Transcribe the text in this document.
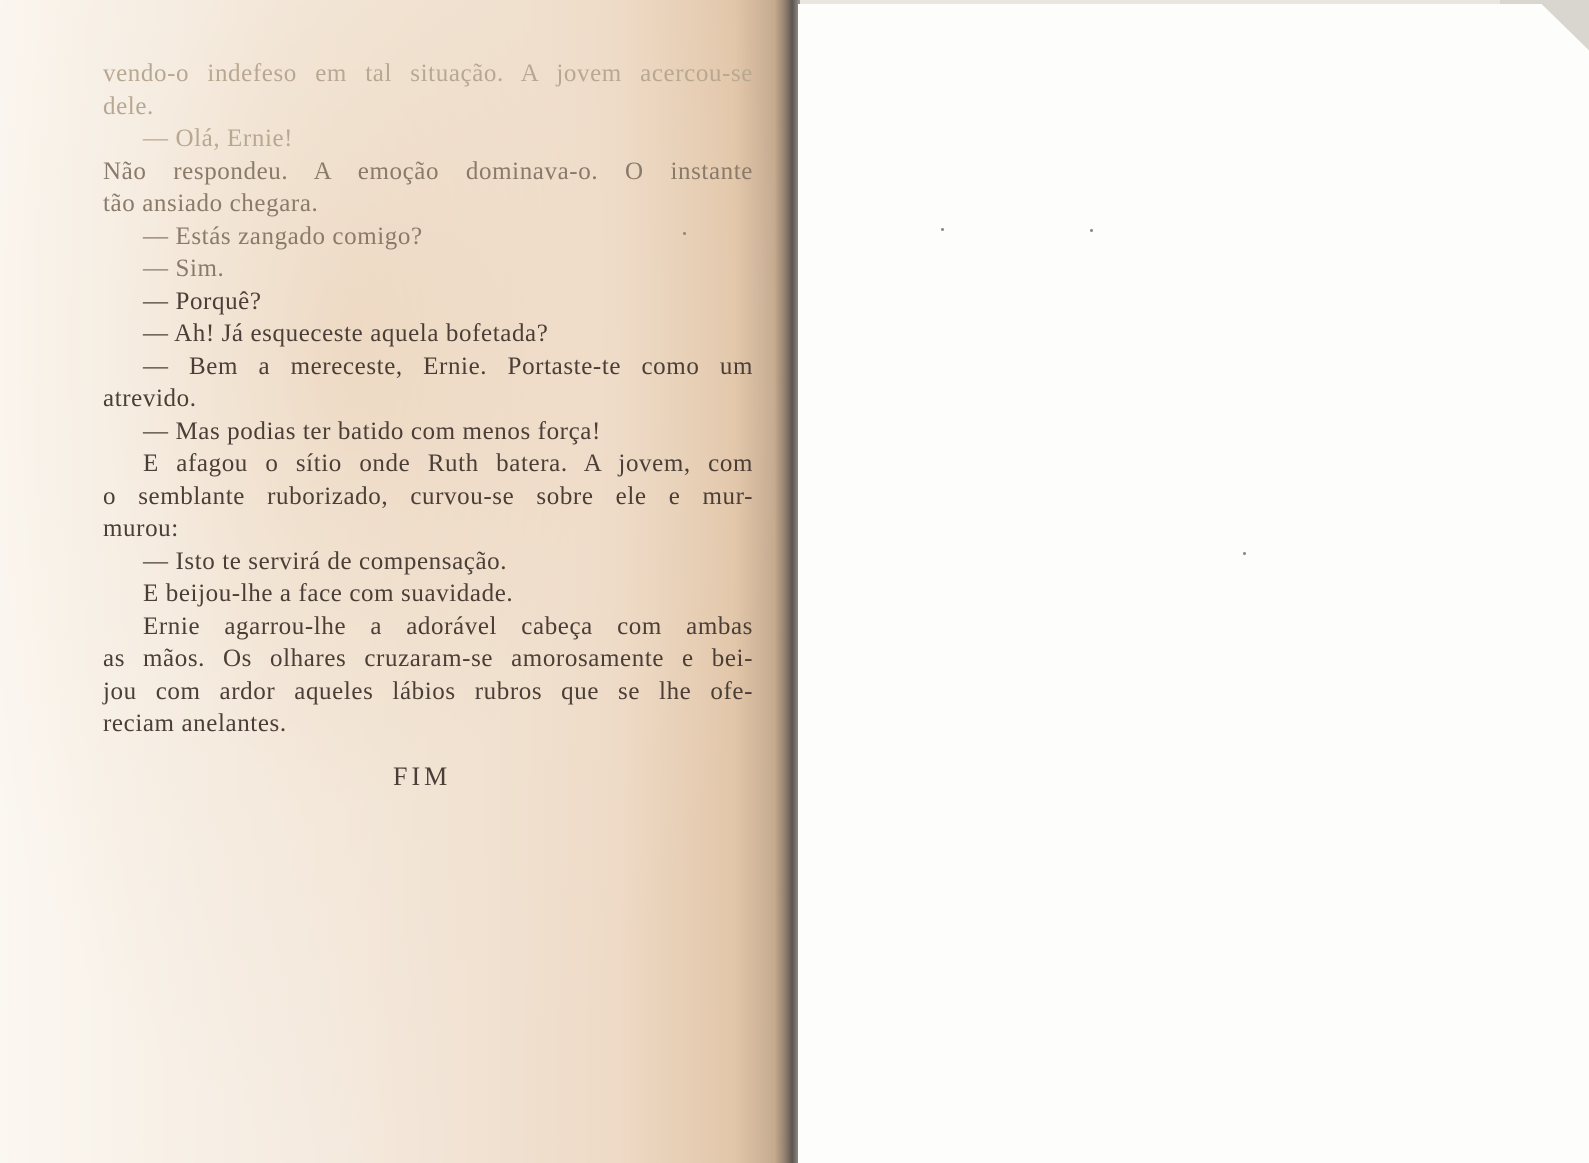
vendo-o indefeso em tal situação. A jovem acercou-se
dele.
— Olá, Ernie!
Não respondeu. A emoção dominava-o. O instante
tão ansiado chegara.
— Estás zangado comigo?
— Sim.
— Porquê?
— Ah! Já esqueceste aquela bofetada?
— Bem a mereceste, Ernie. Portaste-te como um
atrevido.
— Mas podias ter batido com menos força!
E afagou o sítio onde Ruth batera. A jovem, com
o semblante ruborizado, curvou-se sobre ele e mur-
murou:
— Isto te servirá de compensação.
E beijou-lhe a face com suavidade.
Ernie agarrou-lhe a adorável cabeça com ambas
as mãos. Os olhares cruzaram-se amorosamente e bei-
jou com ardor aqueles lábios rubros que se lhe ofe-
reciam anelantes.
FIM
